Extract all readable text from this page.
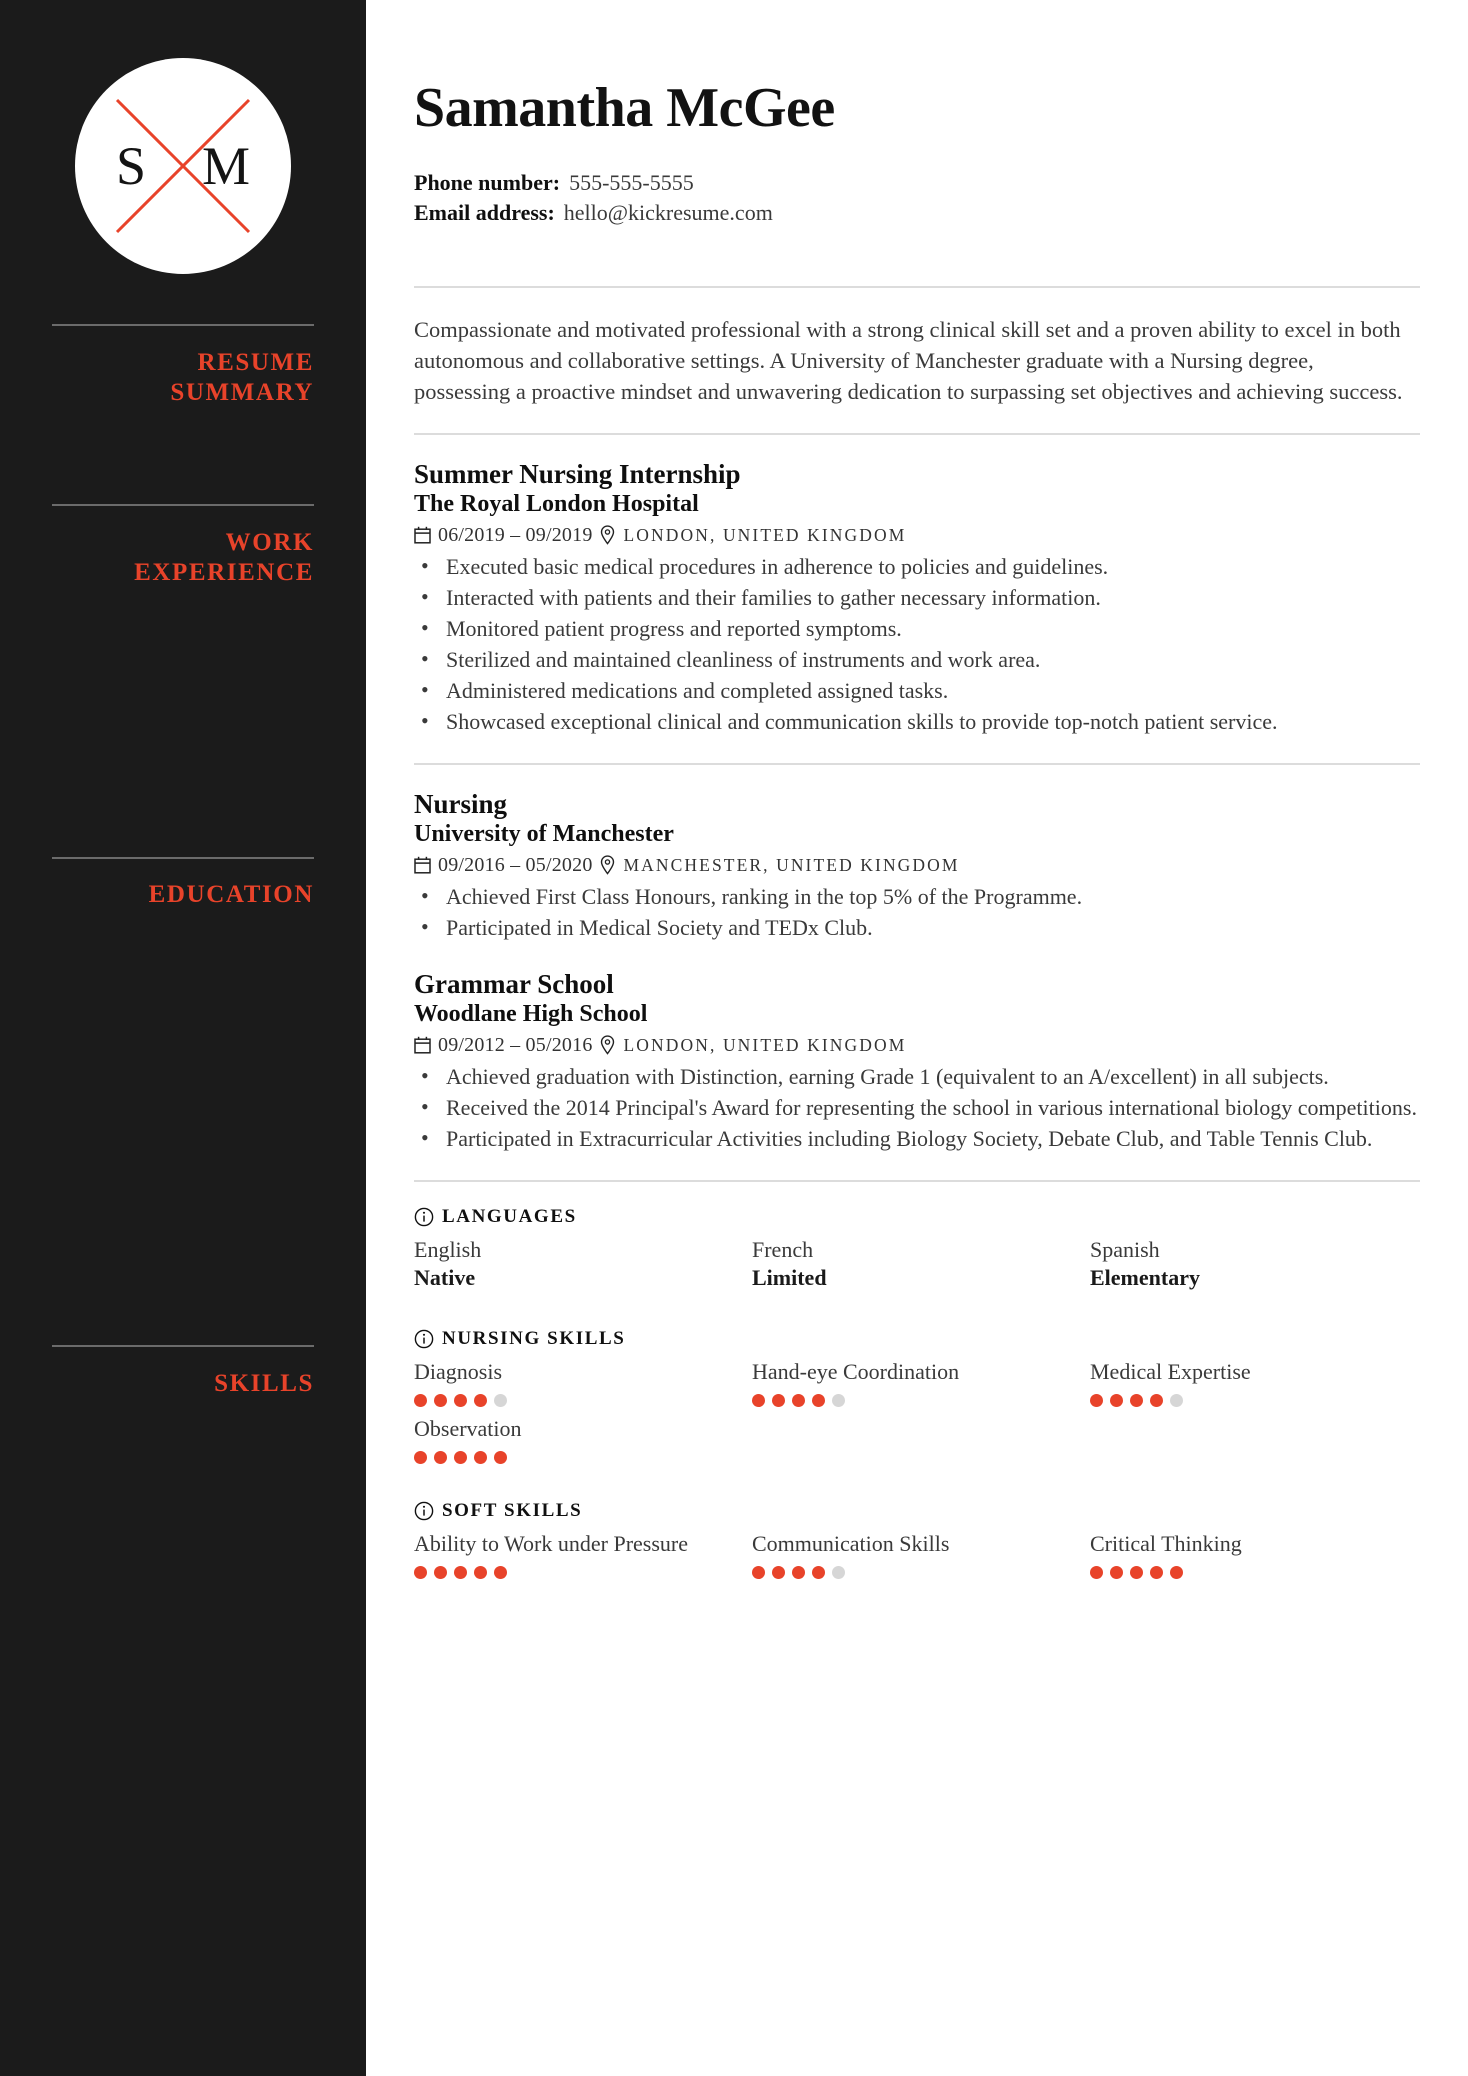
S M
RESUME
SUMMARY
WORK
EXPERIENCE
EDUCATION
SKILLS
Samantha McGee
Phone number: 555-555-5555
Email address: hello@kickresume.com

Compassionate and motivated professional with a strong clinical skill set and a proven ability to excel in both autonomous and collaborative settings. A University of Manchester graduate with a Nursing degree, possessing a proactive mindset and unwavering dedication to surpassing set objectives and achieving success.

Summer Nursing Internship
The Royal London Hospital
06/2019 – 09/2019 LONDON, UNITED KINGDOM
• Executed basic medical procedures in adherence to policies and guidelines.
• Interacted with patients and their families to gather necessary information.
• Monitored patient progress and reported symptoms.
• Sterilized and maintained cleanliness of instruments and work area.
• Administered medications and completed assigned tasks.
• Showcased exceptional clinical and communication skills to provide top-notch patient service.
Nursing
University of Manchester
09/2016 – 05/2020 MANCHESTER, UNITED KINGDOM
• Achieved First Class Honours, ranking in the top 5% of the Programme.
• Participated in Medical Society and TEDx Club.
Grammar School
Woodlane High School
09/2012 – 05/2016 LONDON, UNITED KINGDOM
• Achieved graduation with Distinction, earning Grade 1 (equivalent to an A/excellent) in all subjects.
• Received the 2014 Principal's Award for representing the school in various international biology competitions.
• Participated in Extracurricular Activities including Biology Society, Debate Club, and Table Tennis Club.
LANGUAGES
English
Native
French
Limited
Spanish
Elementary
NURSING SKILLS
Diagnosis	Hand-eye Coordination	Medical Expertise
Observation
SOFT SKILLS
Ability to Work under Pressure	Communication Skills	Critical Thinking
